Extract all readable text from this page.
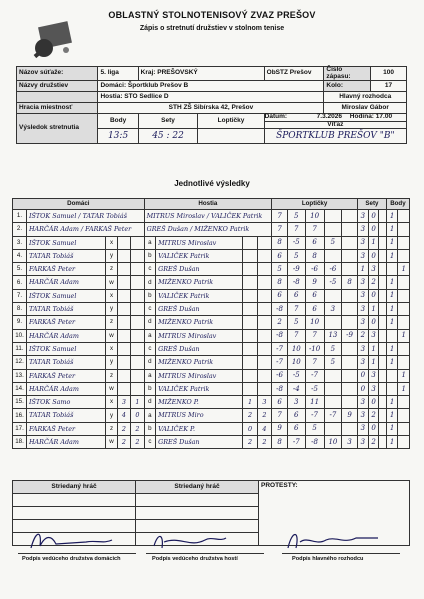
OBLASTNÝ STOLNOTENISOVÝ ZVAZ PREŠOV
Zápis o stretnutí družstiev v stolnom tenise
Názov súťaže:	5. liga	Kraj: PREŠOVSKÝ		ObSTZ Prešov	Číslo zápasu:	100
Názvy družstiev	Domáci: Športklub Prešov B				Kolo:	17
	Hostia: STO Sedlice D				Hlavný rozhodca	
Hracia miestnosť	STH ZŠ Sibírska 42, Prešov				Miroslav Gábor	
Výsledok stretnutia	Body	Sety	Loptičky	Dátum: 7.3.2026 Hodina: 17.00
Víťaz		

	13:5	45 : 22		ŠPORTKLUB PREŠOV "B"		
Jednotlivé výsledky
Domáci					Hostia				Loptičky					Sety			Body	
1.	IŠTOK Samuel / TATAR Tobiáš				MITRUS Miroslav / VALIČEK Patrik				7	5	10			3	0		1	
2.	HARČÁR Adam / FARKAŠ Peter				GREŠ Dušan / MIŽENKO Patrik				7	7	7			3	0		1	
3.	IŠTOK Samuel	x			a	MITRUS Miroslav			8	-5	6	5		3	1		1	
4.	TATAR Tobiáš	y			b	VALIČEK Patrik			6	5	8			3	0		1	
5.	FARKAŠ Peter	z			c	GREŠ Dušan			5	-9	-6	-6		1	3			1
6.	HARČÁR Adam	w			d	MIŽENKO Patrik			8	-8	9	-5	8	3	2		1	
7.	IŠTOK Samuel	x			b	VALIČEK Patrik			6	6	6			3	0		1	
8.	TATAR Tobiáš	y			c	GREŠ Dušan			-8	7	6	3		3	1		1	
9.	FARKAŠ Peter	z			d	MIŽENKO Patrik			2	5	10			3	0		1	
10.	HARČÁR Adam	w			a	MITRUS Miroslav			-8	7	7	13	-9	2	3			1
11.	IŠTOK Samuel	x			c	GREŠ Dušan			-7	10	-10	5		3	1		1	
12.	TATAR Tobiáš	y			d	MIŽENKO Patrik			-7	10	7	5		3	1		1	
13.	FARKAŠ Peter	z			a	MITRUS Miroslav			-6	-5	-7			0	3			1
14.	HARČÁR Adam	w			b	VALIČEK Patrik			-8	-4	-5			0	3			1
15.	IŠTOK Samo	x	3	1	d	MIŽENKO P.	1	3	6	3	11			3	0		1	
16.	TATAR Tobiáš	y	4	0	a	MITRUS Miro	2	2	7	6	-7	-7	9	3	2		1	
17.	FARKAŠ Peter	z	2	2	b	VALIČEK P.	0	4	9	6	5			3	0		1	
18.	HARČÁR Adam	w	2	2	c	GREŠ Dušan	2	2	8	-7	-8	10	3	3	2		1	
Striedaný hráč	Striedaný hráč	PROTESTY:

Podpis vedúceho družstva domácich	Podpis vedúceho družstva hostí	Podpis hlavného rozhodcu
